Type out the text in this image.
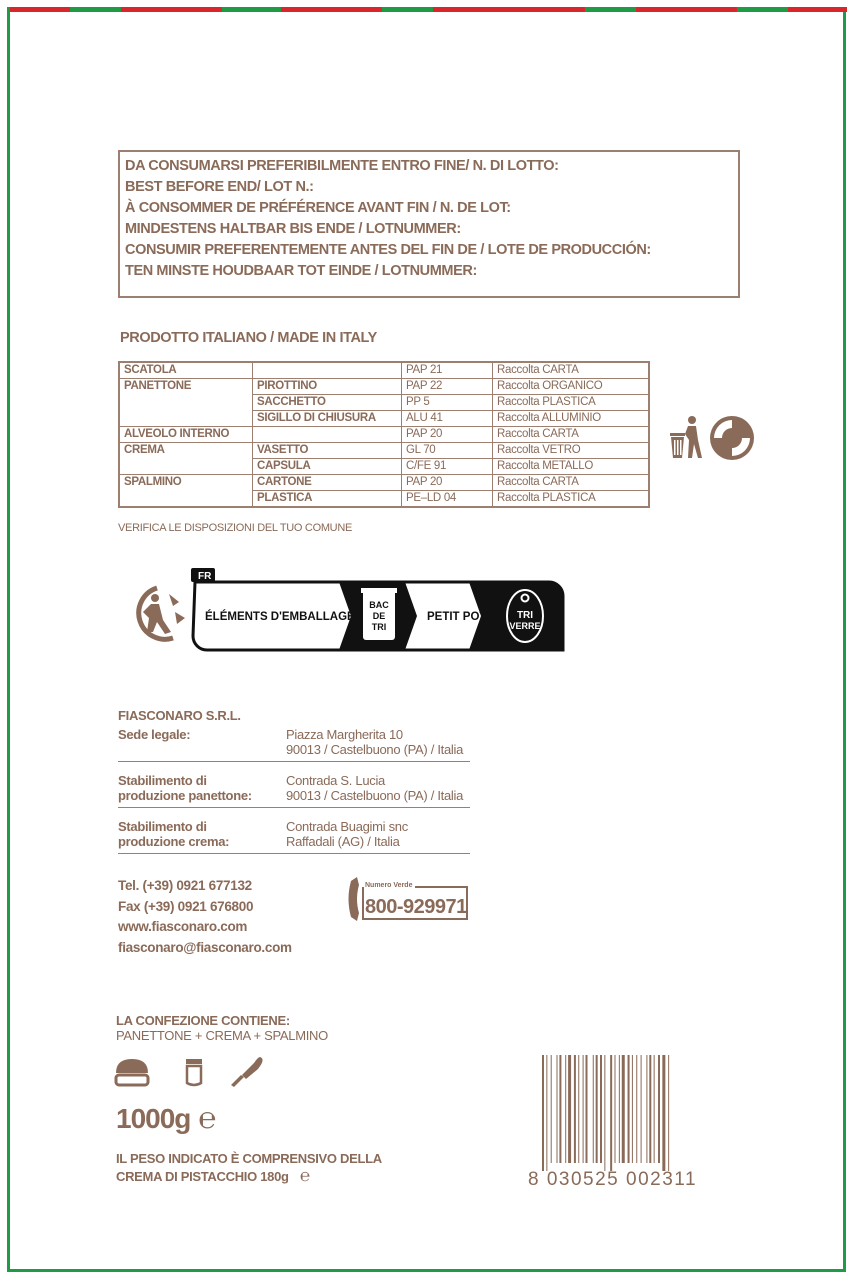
DA CONSUMARSI PREFERIBILMENTE ENTRO FINE/ N. DI LOTTO:
BEST BEFORE END/ LOT N.:
À CONSOMMER DE PRÉFÉRENCE AVANT FIN / N. DE LOT:
MINDESTENS HALTBAR BIS ENDE / LOTNUMMER:
CONSUMIR PREFERENTEMENTE ANTES DEL FIN DE / LOTE DE PRODUCCIÓN:
TEN MINSTE HOUDBAAR TOT EINDE / LOTNUMMER:
PRODOTTO ITALIANO / MADE IN ITALY
SCATOLA		PAP 21	Raccolta CARTA
PANETTONE	PIROTTINO	PAP 22	Raccolta ORGANICO
	SACCHETTO	PP 5	Raccolta PLASTICA
	SIGILLO DI CHIUSURA	ALU 41	Raccolta ALLUMINIO
ALVEOLO INTERNO		PAP 20	Raccolta CARTA
CREMA	VASETTO	GL 70	Raccolta VETRO
	CAPSULA	C/FE 91	Raccolta METALLO
SPALMINO	CARTONE	PAP 20	Raccolta CARTA
	PLASTICA	PE–LD 04	Raccolta PLASTICA
VERIFICA LE DISPOSIZIONI DEL TUO COMUNE
FR
ÉLÉMENTS D'EMBALLAGE
BAC
DE
TRI
PETIT POT	TRI
VERRE
FIASCONARO S.R.L.
Sede legale:	Piazza Margherita 10
90013 / Castelbuono (PA) / Italia
Stabilimento di
produzione panettone:
Contrada S. Lucia
90013 / Castelbuono (PA) / Italia
Stabilimento di
produzione crema:
Contrada Buagimi snc
Raffadali (AG) / Italia
Tel. (+39) 0921 677132
Fax (+39) 0921 676800
www.fiasconaro.com
fiasconaro@fiasconaro.com
Numero Verde
800-929971
LA CONFEZIONE CONTIENE:
PANETTONE + CREMA + SPALMINO
1000g ℮
IL PESO INDICATO È COMPRENSIVO DELLA
CREMA DI PISTACCHIO 180g ℮	8 030525 002311
